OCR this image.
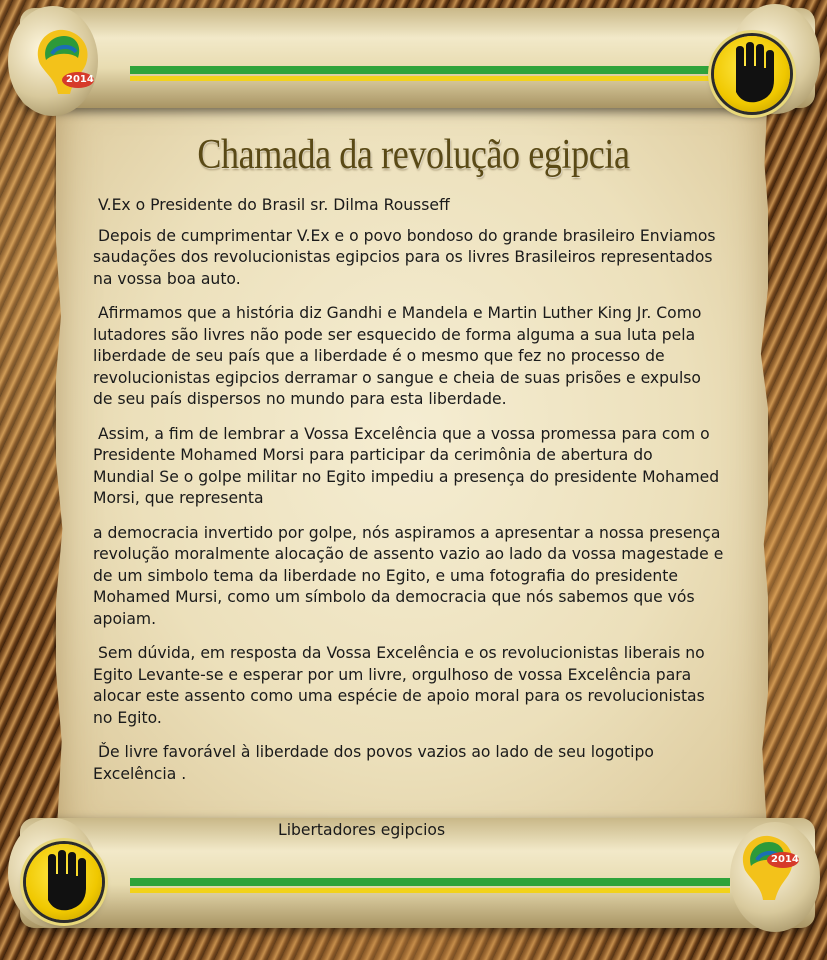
2014
2014
Chamada da revolução egipcia

V.Ex o Presidente do Brasil sr. Dilma Rousseff

Depois de cumprimentar V.Ex e o povo bondoso do grande brasileiro Enviamos
saudações dos revolucionistas egipcios para os livres Brasileiros representados
na vossa boa auto.

Afirmamos que a história diz Gandhi e Mandela e Martin Luther King Jr. Como
lutadores são livres não pode ser esquecido de forma alguma a sua luta pela
liberdade de seu país que a liberdade é o mesmo que fez no processo de
revolucionistas egipcios derramar o sangue e cheia de suas prisões e expulso
de seu país dispersos no mundo para esta liberdade.

Assim, a fim de lembrar a Vossa Excelência que a vossa promessa para com o
Presidente Mohamed Morsi para participar da cerimônia de abertura do
Mundial Se o golpe militar no Egito impediu a presença do presidente Mohamed
Morsi, que representa

a democracia invertido por golpe, nós aspiramos a apresentar a nossa presença
revolução moralmente alocação de assento vazio ao lado da vossa magestade e
de um simbolo tema da liberdade no Egito, e uma fotografia do presidente
Mohamed Mursi, como um símbolo da democracia que nós sabemos que vós
apoiam.

Sem dúvida, em resposta da Vossa Excelência e os revolucionistas liberais no
Egito Levante-se e esperar por um livre, orgulhoso de vossa Excelência para
alocar este assento como uma espécie de apoio moral para os revolucionistas
no Egito.

Ďe livre favorável à liberdade dos povos vazios ao lado de seu logotipo
Excelência .

Libertadores egipcios
